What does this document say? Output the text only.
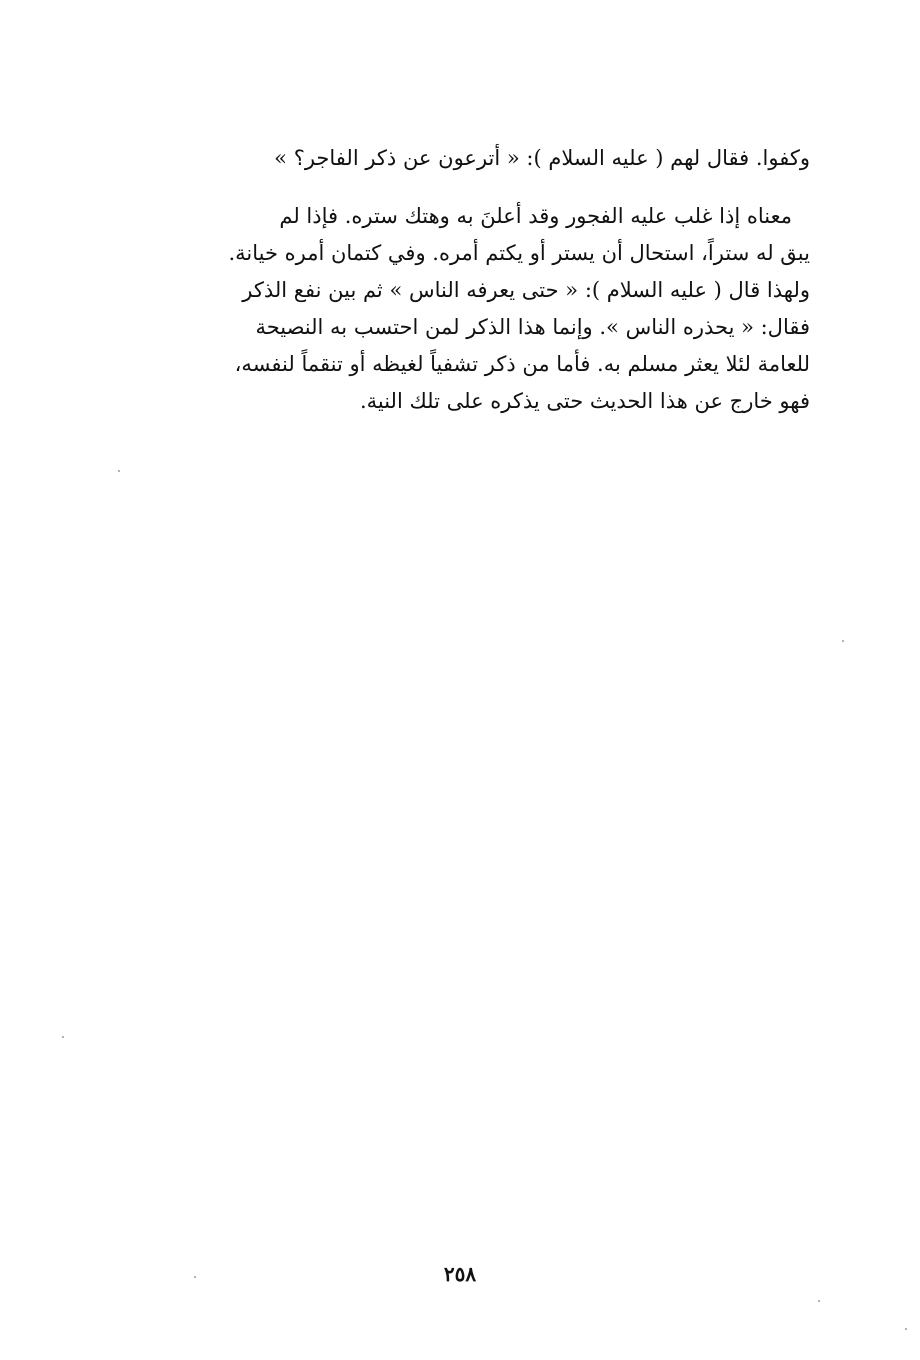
وكفوا. فقال لهم ( عليه السلام ): « أترعون عن ذكر الفاجر؟ »
معناه إذا غلب عليه الفجور وقد أعلنَ به وهتك ستره. فإذا لم
يبق له ستراً، استحال أن يستر أو يكتم أمره. وفي كتمان أمره خيانة.
ولهذا قال ( عليه السلام ): « حتى يعرفه الناس » ثم بين نفع الذكر
فقال: « يحذره الناس ». وإنما هذا الذكر لمن احتسب به النصيحة
للعامة لئلا يعثر مسلم به. فأما من ذكر تشفياً لغيظه أو تنقماً لنفسه،
فهو خارج عن هذا الحديث حتى يذكره على تلك النية.
٢٥٨
